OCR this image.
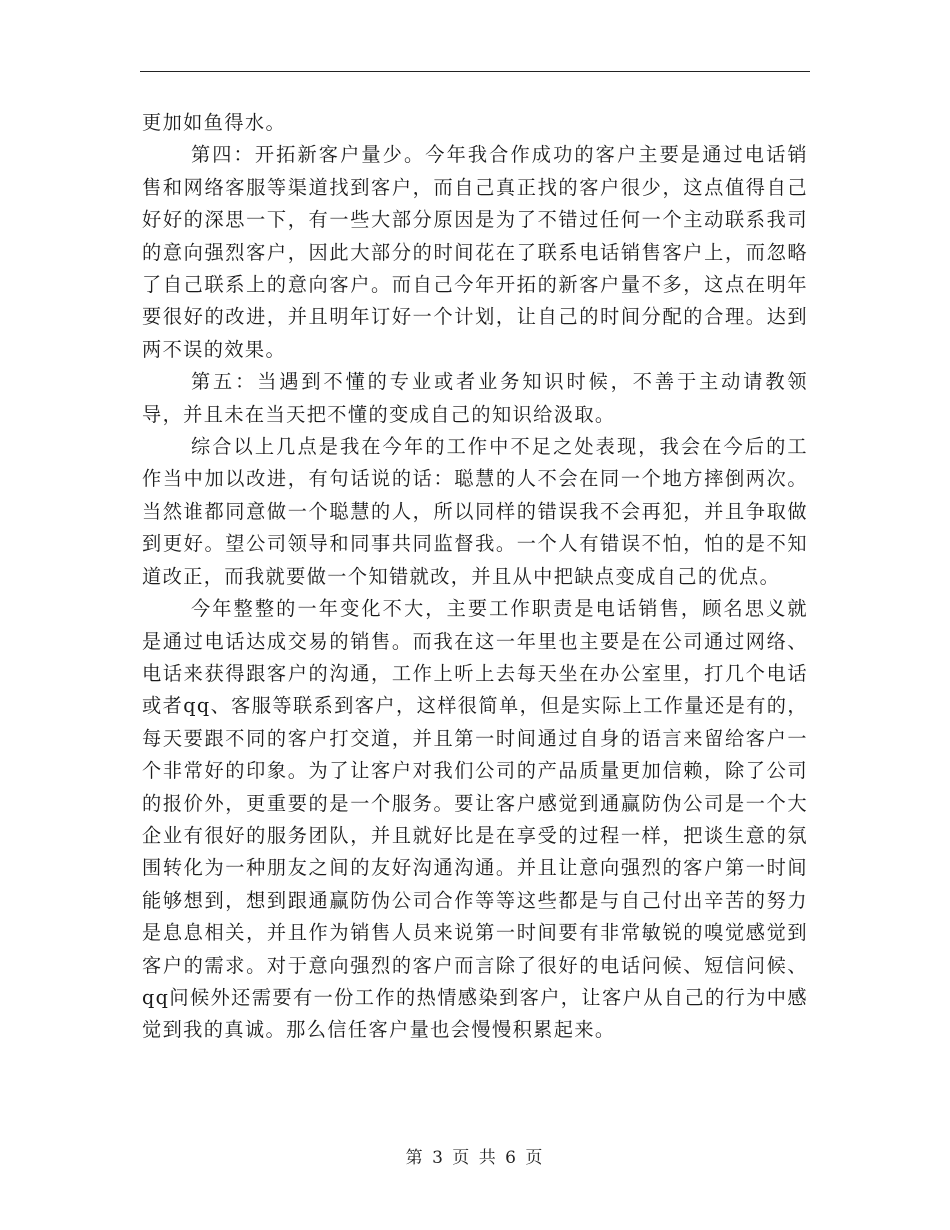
更加如鱼得水。

第四：开拓新客户量少。今年我合作成功的客户主要是通过电话销售和网络客服等渠道找到客户，而自己真正找的客户很少，这点值得自己好好的深思一下，有一些大部分原因是为了不错过任何一个主动联系我司的意向强烈客户，因此大部分的时间花在了联系电话销售客户上，而忽略了自己联系上的意向客户。而自己今年开拓的新客户量不多，这点在明年要很好的改进，并且明年订好一个计划，让自己的时间分配的合理。达到两不误的效果。

第五：当遇到不懂的专业或者业务知识时候，不善于主动请教领导，并且未在当天把不懂的变成自己的知识给汲取。

综合以上几点是我在今年的工作中不足之处表现，我会在今后的工作当中加以改进，有句话说的话：聪慧的人不会在同一个地方摔倒两次。当然谁都同意做一个聪慧的人，所以同样的错误我不会再犯，并且争取做到更好。望公司领导和同事共同监督我。一个人有错误不怕，怕的是不知道改正，而我就要做一个知错就改，并且从中把缺点变成自己的优点。

今年整整的一年变化不大，主要工作职责是电话销售，顾名思义就是通过电话达成交易的销售。而我在这一年里也主要是在公司通过网络、电话来获得跟客户的沟通，工作上听上去每天坐在办公室里，打几个电话或者qq、客服等联系到客户，这样很简单，但是实际上工作量还是有的，每天要跟不同的客户打交道，并且第一时间通过自身的语言来留给客户一个非常好的印象。为了让客户对我们公司的产品质量更加信赖，除了公司的报价外，更重要的是一个服务。要让客户感觉到通赢防伪公司是一个大企业有很好的服务团队，并且就好比是在享受的过程一样，把谈生意的氛围转化为一种朋友之间的友好沟通沟通。并且让意向强烈的客户第一时间能够想到，想到跟通赢防伪公司合作等等这些都是与自己付出辛苦的努力是息息相关，并且作为销售人员来说第一时间要有非常敏锐的嗅觉感觉到客户的需求。对于意向强烈的客户而言除了很好的电话问候、短信问候、qq问候外还需要有一份工作的热情感染到客户，让客户从自己的行为中感觉到我的真诚。那么信任客户量也会慢慢积累起来。

第 3 页 共 6 页
